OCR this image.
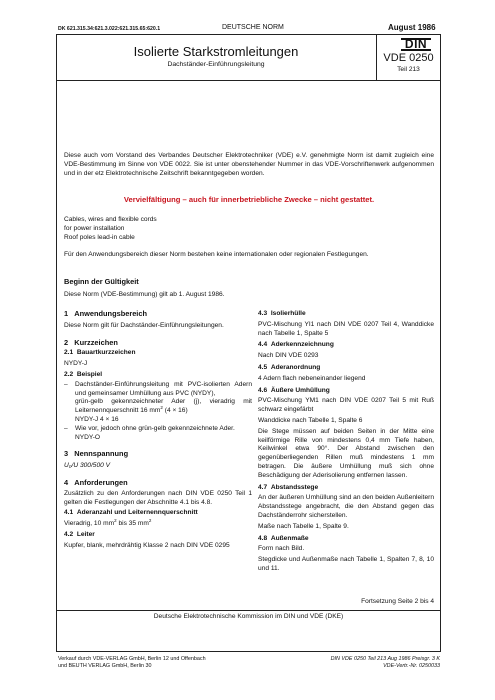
DK 621.315.34:621.3.022:621.315.65:620.1	DEUTSCHE NORM	August 1986
Isolierte Starkstromleitungen
Dachständer-Einführungsleitung
DIN
VDE 0250
Teil 213
Diese auch vom Vorstand des Verbandes Deutscher Elektrotechniker (VDE) e.V. genehmigte Norm ist damit zugleich eine VDE-Bestimmung im Sinne von VDE 0022. Sie ist unter obenstehender Nummer in das VDE-Vorschriftenwerk aufgenommen und in der etz Elektrotechnische Zeitschrift bekanntgegeben worden.
Vervielfältigung – auch für innerbetriebliche Zwecke – nicht gestattet.
Cables, wires and flexible cords
for power installation
Roof poles lead-in cable
Für den Anwendungsbereich dieser Norm bestehen keine internationalen oder regionalen Festlegungen.
Beginn der Gültigkeit
Diese Norm (VDE-Bestimmung) gilt ab 1. August 1986.
1 Anwendungsbereich
Diese Norm gilt für Dachständer-Einführungsleitungen.
2 Kurzzeichen
2.1 Bauartkurzzeichen
NYDY-J
2.2 Beispiel
– Dachständer-Einführungsleitung mit PVC-isolierten Adern und gemeinsamer Umhüllung aus PVC (NYDY),
grün-gelb gekennzeichneter Ader (j), vieradrig mit Leiternennquerschnitt 16 $mm^2$ (4 × 16)
NYDY-J 4 × 16
– Wie vor, jedoch ohne grün-gelb gekennzeichnete Ader.
NYDY-O
3 Nennspannung
U₀/U 300/500 V
4 Anforderungen
Zusätzlich zu den Anforderungen nach DIN VDE 0250 Teil 1 gelten die Festlegungen der Abschnitte 4.1 bis 4.8.
4.1 Aderanzahl und Leiternennquerschnitt
Vieradrig, 10 $mm^2$ bis 35 $mm^2$
4.2 Leiter
Kupfer, blank, mehrdrähtig Klasse 2 nach DIN VDE 0295
4.3 Isolierhülle
PVC-Mischung YI1 nach DIN VDE 0207 Teil 4, Wanddicke nach Tabelle 1, Spalte 5
4.4 Aderkennzeichnung
Nach DIN VDE 0293
4.5 Aderanordnung
4 Adern flach nebeneinander liegend
4.6 Äußere Umhüllung
PVC-Mischung YM1 nach DIN VDE 0207 Teil 5 mit Ruß schwarz eingefärbt
Wanddicke nach Tabelle 1, Spalte 6
Die Stege müssen auf beiden Seiten in der Mitte eine keilförmige Rille von mindestens 0,4 mm Tiefe haben, Keilwinkel etwa 90°. Der Abstand zwischen den gegenüberliegenden Rillen muß mindestens 1 mm betragen. Die äußere Umhüllung muß sich ohne Beschädigung der Aderisolierung entfernen lassen.
4.7 Abstandsstege
An der äußeren Umhüllung sind an den beiden Außenleitern Abstandsstege angebracht, die den Abstand gegen das Dachständerrohr sicherstellen.
Maße nach Tabelle 1, Spalte 9.
4.8 Außenmaße
Form nach Bild.
Stegdicke und Außenmaße nach Tabelle 1, Spalten 7, 8, 10 und 11.
Fortsetzung Seite 2 bis 4
Deutsche Elektrotechnische Kommission im DIN und VDE (DKE)
Verkauf durch VDE-VERLAG GmbH, Berlin 12 und Offenbach
und BEUTH VERLAG GmbH, Berlin 30
DIN VDE 0250 Teil 213 Aug 1986 Preisgr. 3 K
VDE-Vertr.-Nr. 0250033
